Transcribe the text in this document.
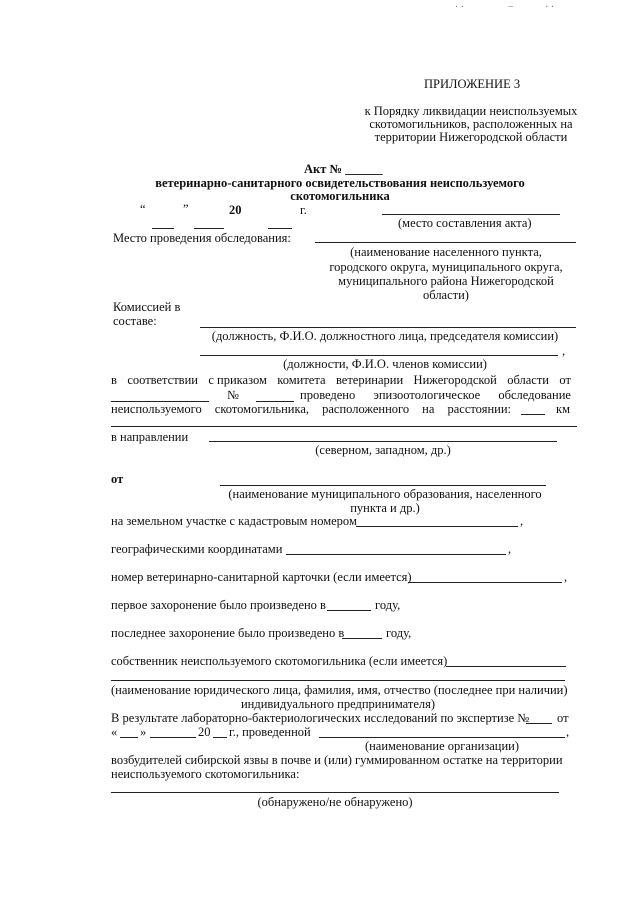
ПРИЛОЖЕНИЕ 3
к Порядку ликвидации неиспользуемых
скотомогильников, расположенных на
территории Нижегородской области
Акт № ______
ветеринарно-санитарного освидетельствования неиспользуемого
скотомогильника
“	”	20	г.
(место составления акта)
Место проведения обследования:
(наименование населенного пункта,
городского округа, муниципального округа,
муниципального района Нижегородской
области)
Комиссией в
составе:
(должность, Ф.И.О. должностного лица, председателя комиссии)
,
(должности, Ф.И.О. членов комиссии)
в соответствии с приказом комитета ветеринарии Нижегородской области от
№	проведено эпизоотологическое обследование
неиспользуемого скотомогильника, расположенного на расстоянии:	км
в направлении
(северном, западном, др.)
от
(наименование муниципального образования, населенного
пункта и др.)
на земельном участке с кадастровым номером	,
географическими координатами	,
номер ветеринарно-санитарной карточки (если имеется)	,
первое захоронение было произведено в	году,
последнее захоронение было произведено в	году,
собственник неиспользуемого скотомогильника (если имеется)
(наименование юридического лица, фамилия, имя, отчество (последнее при наличии)
индивидуального предпринимателя)
В результате лабораторно-бактериологических исследований по экспертизе № от
« »	20 г., проведенной	,
(наименование организации)
возбудителей сибирской язвы в почве и (или) гуммированном остатке на территории
неиспользуемого скотомогильника:
(обнаружено/не обнаружено)
· ·	−	· ·
